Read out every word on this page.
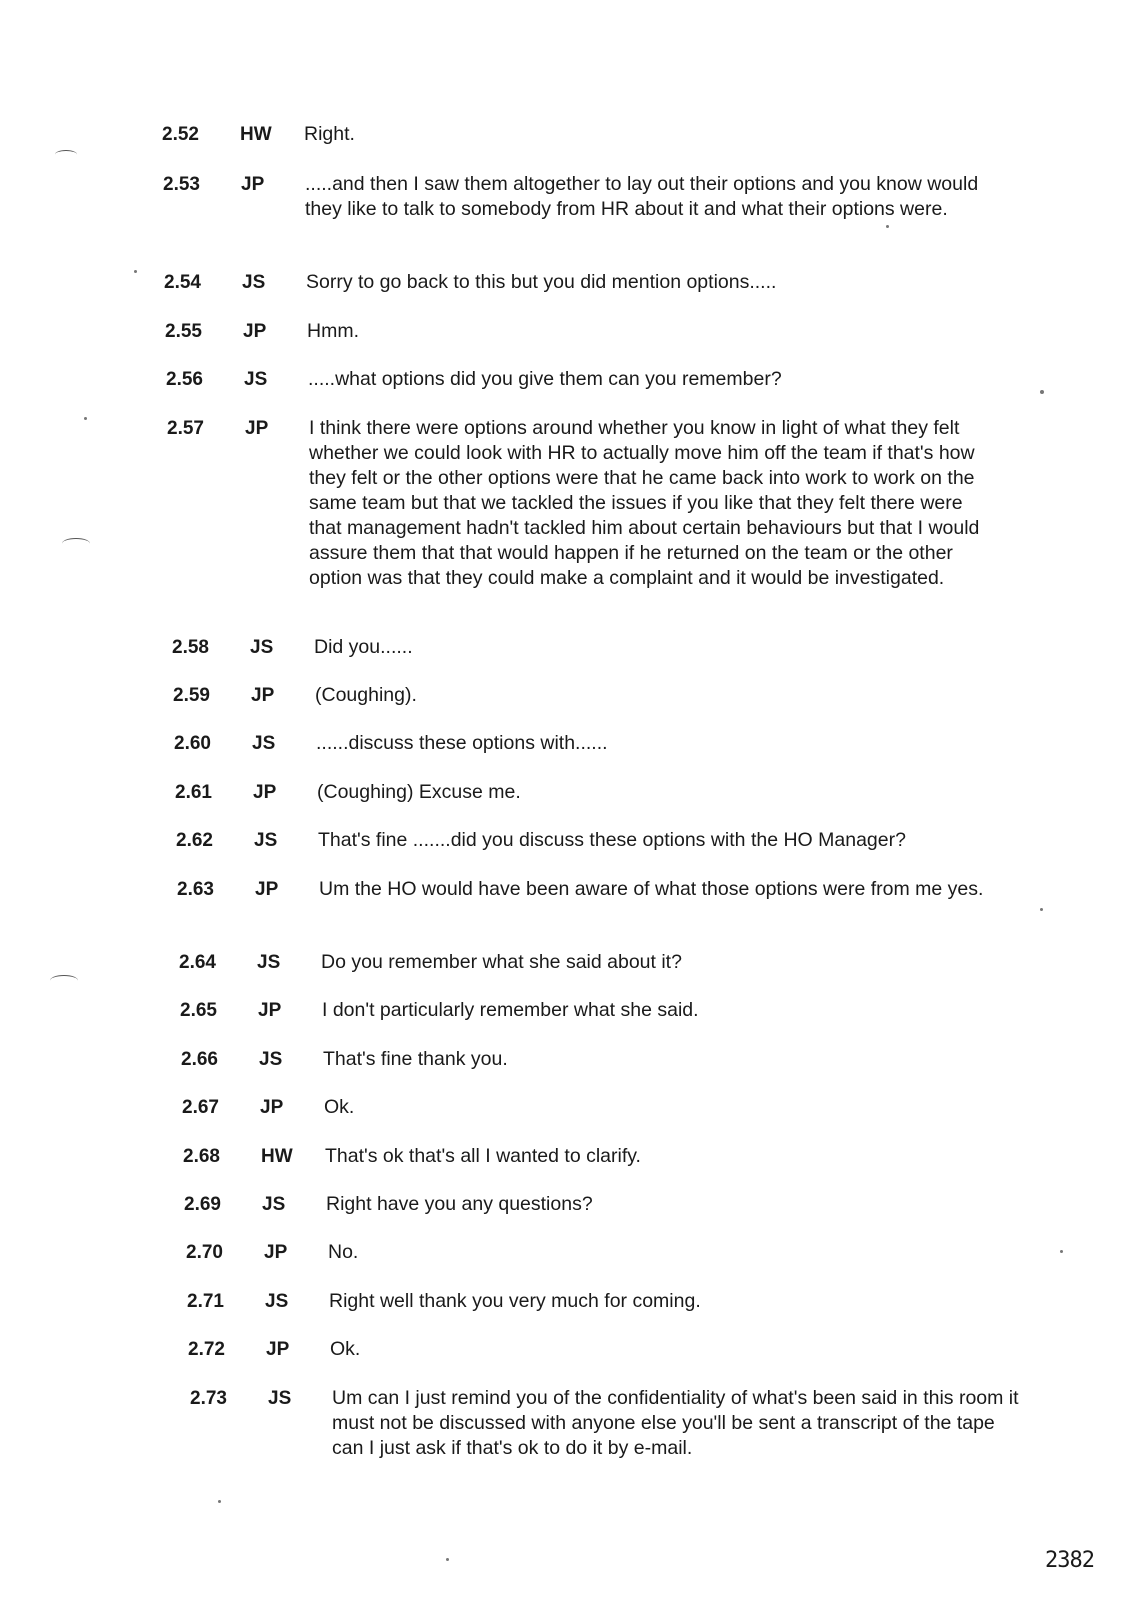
2.52	HW	Right.
2.53	JP	.....and then I saw them altogether to lay out their options and you know would they like to talk to somebody from HR about it and what their options were.
2.54	JS	Sorry to go back to this but you did mention options.....
2.55	JP	Hmm.
2.56	JS	.....what options did you give them can you remember?
2.57	JP	I think there were options around whether you know in light of what they felt whether we could look with HR to actually move him off the team if that's how they felt or the other options were that he came back into work to work on the same team but that we tackled the issues if you like that they felt there were that management hadn't tackled him about certain behaviours but that I would assure them that that would happen if he returned on the team or the other option was that they could make a complaint and it would be investigated.
2.58	JS	Did you......
2.59	JP	(Coughing).
2.60	JS	......discuss these options with......
2.61	JP	(Coughing) Excuse me.
2.62	JS	That's fine .......did you discuss these options with the HO Manager?
2.63	JP	Um the HO would have been aware of what those options were from me yes.
2.64	JS	Do you remember what she said about it?
2.65	JP	I don't particularly remember what she said.
2.66	JS	That's fine thank you.
2.67	JP	Ok.
2.68	HW	That's ok that's all I wanted to clarify.
2.69	JS	Right have you any questions?
2.70	JP	No.
2.71	JS	Right well thank you very much for coming.
2.72	JP	Ok.
2.73	JS	Um can I just remind you of the confidentiality of what's been said in this room it must not be discussed with anyone else you'll be sent a transcript of the tape can I just ask if that's ok to do it by e-mail.
2382
